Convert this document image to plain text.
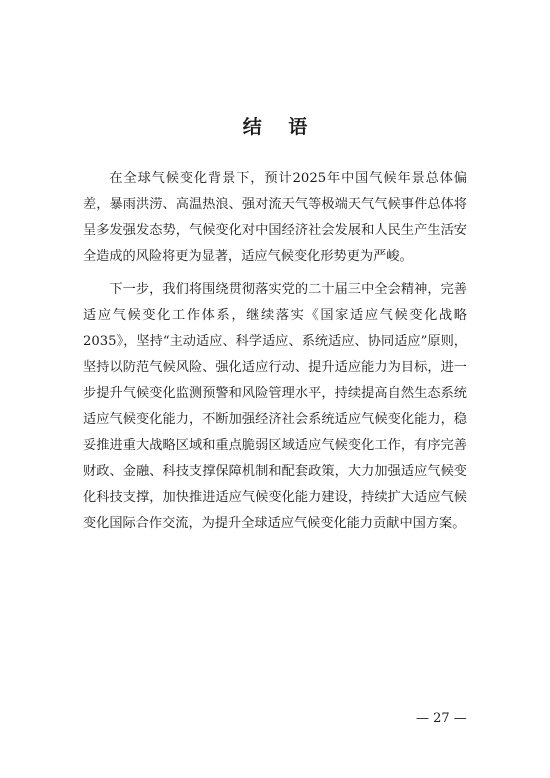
结 语

在全球气候变化背景下，预计2025年中国气候年景总体偏差，暴雨洪涝、高温热浪、强对流天气等极端天气气候事件总体将呈多发强发态势，气候变化对中国经济社会发展和人民生产生活安全造成的风险将更为显著，适应气候变化形势更为严峻。

下一步，我们将围绕贯彻落实党的二十届三中全会精神，完善适应气候变化工作体系，继续落实《国家适应气候变化战略2035》，坚持“主动适应、科学适应、系统适应、协同适应”原则，坚持以防范气候风险、强化适应行动、提升适应能力为目标，进一步提升气候变化监测预警和风险管理水平，持续提高自然生态系统适应气候变化能力，不断加强经济社会系统适应气候变化能力，稳妥推进重大战略区域和重点脆弱区域适应气候变化工作，有序完善财政、金融、科技支撑保障机制和配套政策，大力加强适应气候变化科技支撑，加快推进适应气候变化能力建设，持续扩大适应气候变化国际合作交流，为提升全球适应气候变化能力贡献中国方案。

— 27 —
